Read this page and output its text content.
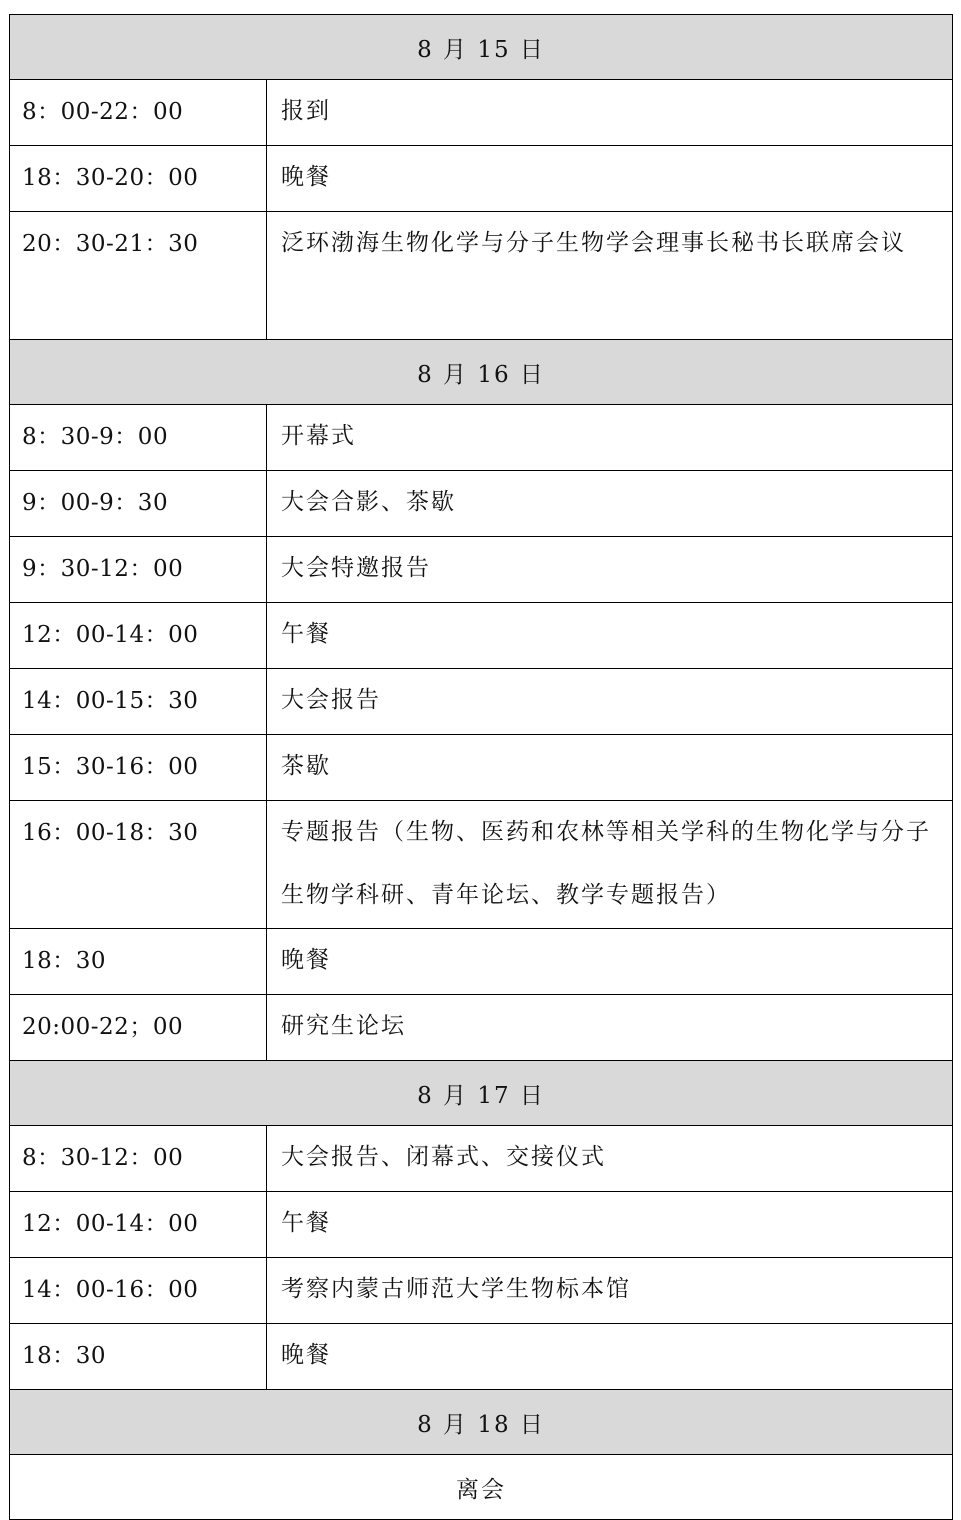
8 月 15 日	
8：00-22：00	报到
18：30-20：00	晚餐
20：30-21：30	泛环渤海生物化学与分子生物学会理事长秘书长联席会议
8 月 16 日	
8：30-9：00	开幕式
9：00-9：30	大会合影、茶歇
9：30-12：00	大会特邀报告
12：00-14：00	午餐
14：00-15：30	大会报告
15：30-16：00	茶歇
16：00-18：30	专题报告（生物、医药和农林等相关学科的生物化学与分子生物学科研、青年论坛、教学专题报告）
18：30	晚餐
20:00-22；00	研究生论坛
8 月 17 日	
8：30-12：00	大会报告、闭幕式、交接仪式
12：00-14：00	午餐
14：00-16：00	考察内蒙古师范大学生物标本馆
18：30	晚餐
8 月 18 日	
离会	
